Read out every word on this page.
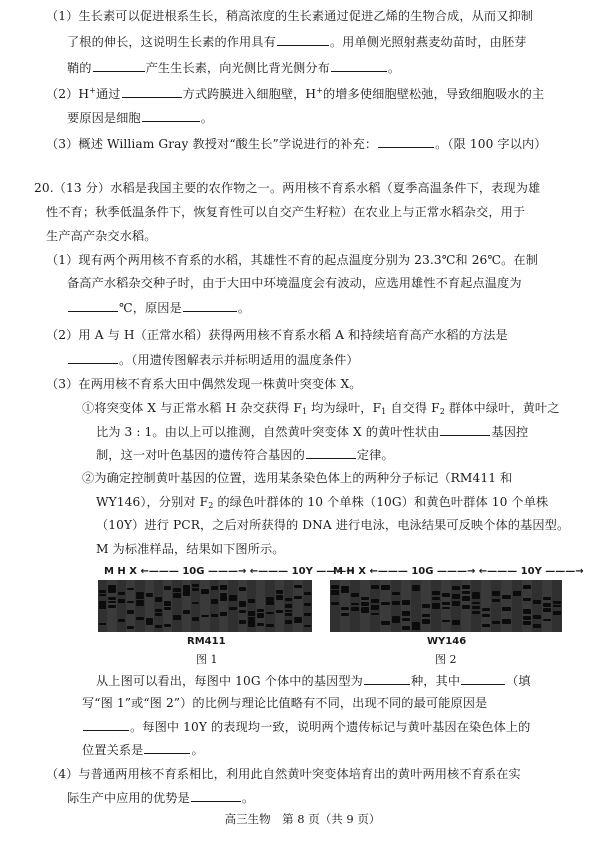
（1）生长素可以促进根系生长，稍高浓度的生长素通过促进乙烯的生物合成，从而又抑制
了根的伸长，这说明生长素的作用具有	。用单侧光照射燕麦幼苗时，由胚芽
鞘的	产生生长素，向光侧比背光侧分布	。
（2）H+通过	方式跨膜进入细胞壁，H+的增多使细胞壁松弛，导致细胞吸水的主
要原因是细胞	。
（3）概述 William Gray 教授对“酸生长”学说进行的补充：	。（限 100 字以内）
20.（13 分）水稻是我国主要的农作物之一。两用核不育系水稻（夏季高温条件下，表现为雄
性不育；秋季低温条件下，恢复育性可以自交产生籽粒）在农业上与正常水稻杂交，用于
生产高产杂交水稻。
（1）现有两个两用核不育系的水稻，其雄性不育的起点温度分别为 23.3℃和 26℃。在制
备高产水稻杂交种子时，由于大田中环境温度会有波动，应选用雄性不育起点温度为
℃，原因是	。
（2）用 A 与 H（正常水稻）获得两用核不育系水稻 A 和持续培育高产水稻的方法是
。（用遗传图解表示并标明适用的温度条件）
（3）在两用核不育系大田中偶然发现一株黄叶突变体 X。
①将突变体 X 与正常水稻 H 杂交获得 $F_1$ 均为绿叶，$F_1$ 自交得 $F_2$ 群体中绿叶，黄叶之
比为 3 : 1。由以上可以推测，自然黄叶突变体 X 的黄叶性状由	基因控
制，这一对叶色基因的遗传符合基因的	定律。
②为确定控制黄叶基因的位置，选用某条染色体上的两种分子标记（RM411 和
WY146），分别对 $F_2$ 的绿色叶群体的 10 个单株（10G）和黄色叶群体 10 个单株
（10Y）进行 PCR，之后对所获得的 DNA 进行电泳，电泳结果可反映个体的基因型。
M 为标准样品，结果如下图所示。
M H X ←——— 10G ———→ ←——— 10Y ———→
RM411
图 1
M H X ←——— 10G ———→ ←——— 10Y ———→
WY146
图 2
从上图可以看出，每图中 10G 个体中的基因型为	种，其中	（填
写“图 1”或“图 2”）的比例与理论比值略有不同，出现不同的最可能原因是
。每图中 10Y 的表现均一致，说明两个遗传标记与黄叶基因在染色体上的
位置关系是	。
（4）与普通两用核不育系相比，利用此自然黄叶突变体培育出的黄叶两用核不育系在实
际生产中应用的优势是	。
高三生物　第 8 页（共 9 页）
